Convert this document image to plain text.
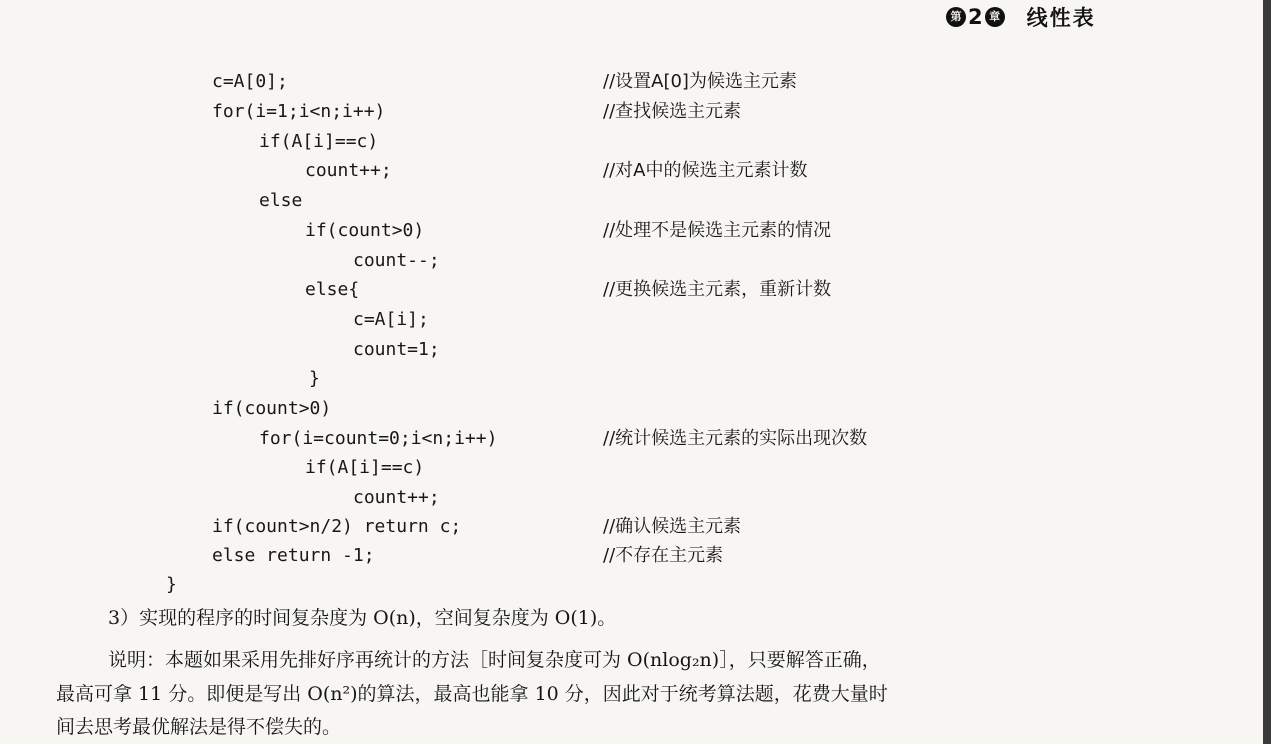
第 2 章 线性表
c=A[0];
for(i=1;i<n;i++)
if(A[i]==c)
count++;
else
if(count>0)
count--;
else{
c=A[i];
count=1;
}
if(count>0)
for(i=count=0;i<n;i++)
if(A[i]==c)
count++;
if(count>n/2) return c;
else return -1;
}
//设置A[0]为候选主元素
//查找候选主元素
//对A中的候选主元素计数
//处理不是候选主元素的情况
//更换候选主元素，重新计数
//统计候选主元素的实际出现次数
//确认候选主元素
//不存在主元素
3）实现的程序的时间复杂度为 O(n)，空间复杂度为 O(1)。
说明：本题如果采用先排好序再统计的方法［时间复杂度可为 O(nlog₂n)］，只要解答正确，
最高可拿 11 分。即便是写出 O(n²)的算法，最高也能拿 10 分，因此对于统考算法题，花费大量时
间去思考最优解法是得不偿失的。
